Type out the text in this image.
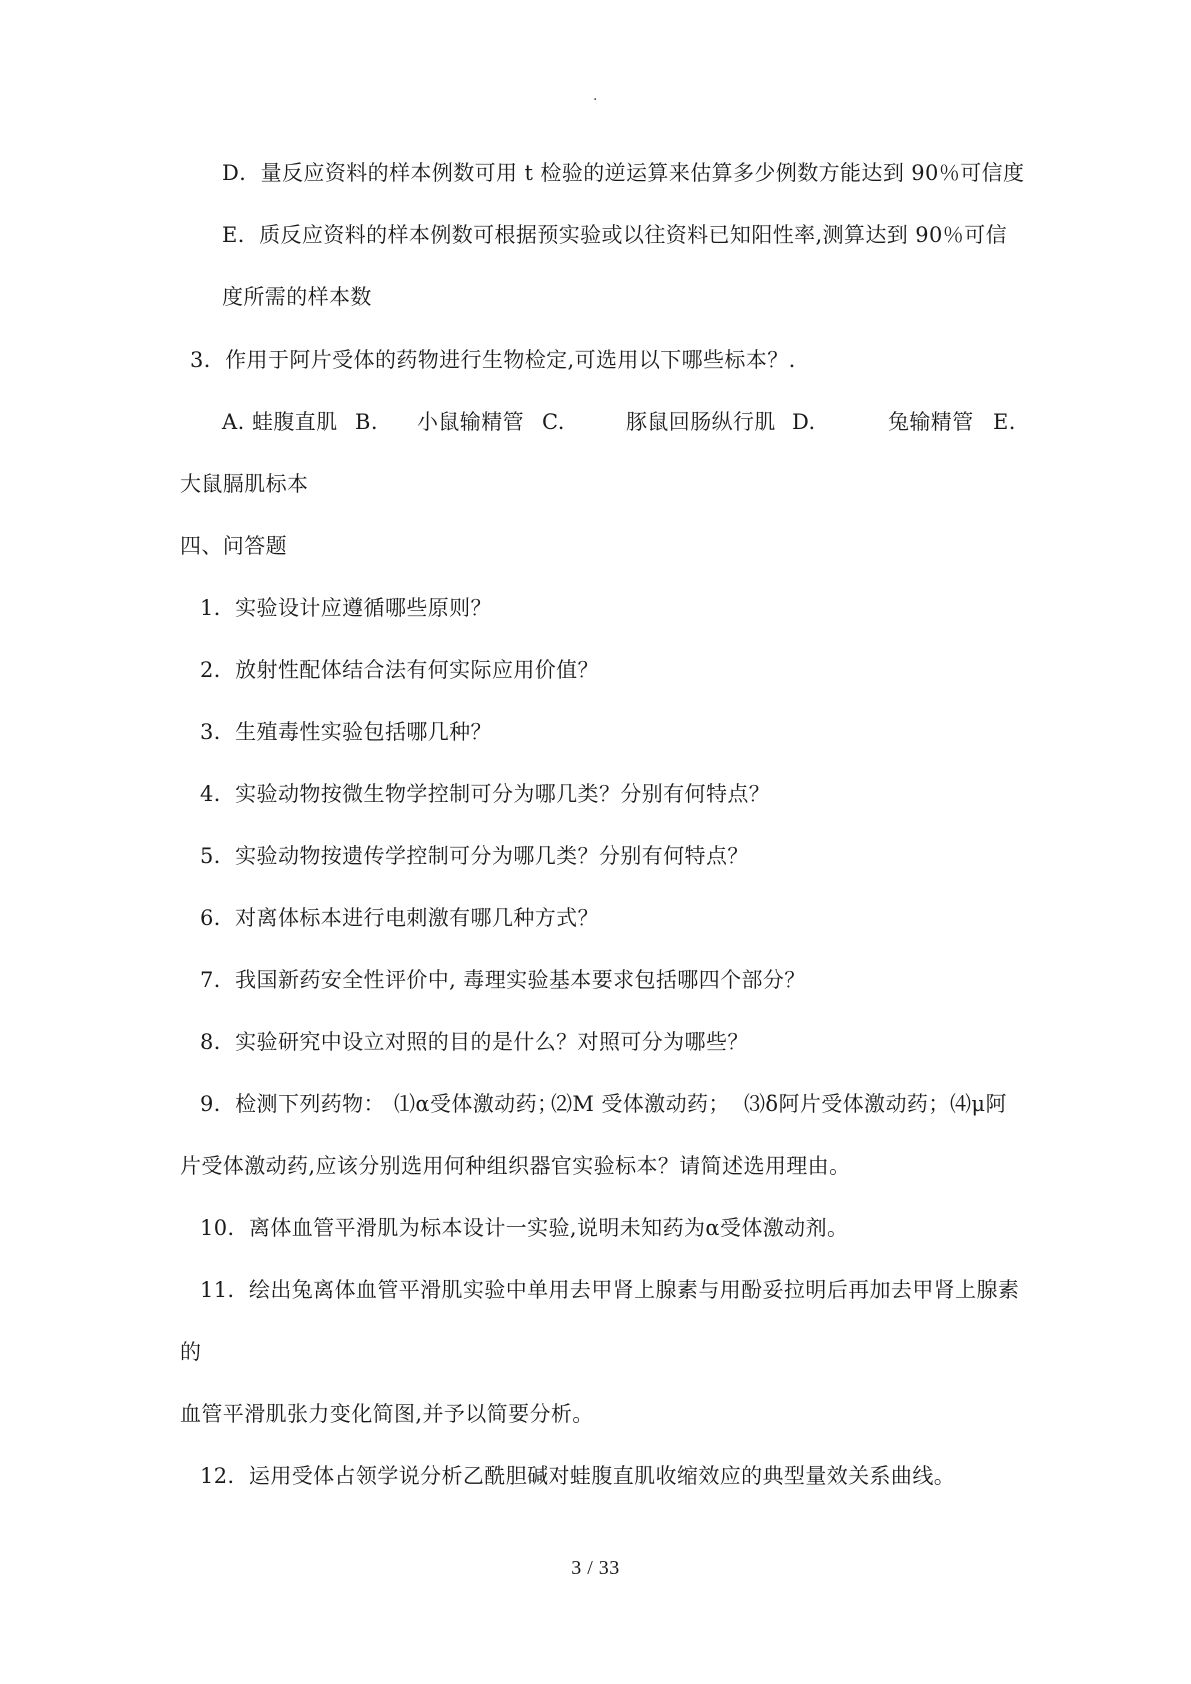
.
D．量反应资料的样本例数可用 t 检验的逆运算来估算多少例数方能达到 90％可信度
E．质反应资料的样本例数可根据预实验或以往资料已知阳性率,测算达到 90％可信
度所需的样本数
3．作用于阿片受体的药物进行生物检定,可选用以下哪些标本？.
A. 蛙腹直肌 B. 小鼠输精管 C.	豚鼠回肠纵行肌 D.	兔输精管 E.
大鼠膈肌标本
四、问答题
1．实验设计应遵循哪些原则？
2．放射性配体结合法有何实际应用价值？
3．生殖毒性实验包括哪几种？
4．实验动物按微生物学控制可分为哪几类？分别有何特点？
5．实验动物按遗传学控制可分为哪几类？分别有何特点？
6．对离体标本进行电刺激有哪几种方式？
7．我国新药安全性评价中, 毒理实验基本要求包括哪四个部分？
8．实验研究中设立对照的目的是什么？对照可分为哪些？
9．检测下列药物： ⑴α受体激动药；
⑵M 受体激动药； ⑶δ阿片受体激动药； ⑷μ阿
片受体激动药,应该分别选用何种组织器官实验标本？请简述选用理由。
10．离体血管平滑肌为标本设计一实验,说明未知药为α受体激动剂。
11．绘出兔离体血管平滑肌实验中单用去甲肾上腺素与用酚妥拉明后再加去甲肾上腺素
的
血管平滑肌张力变化简图,并予以简要分析。
12．运用受体占领学说分析乙酰胆碱对蛙腹直肌收缩效应的典型量效关系曲线。
3 / 33
